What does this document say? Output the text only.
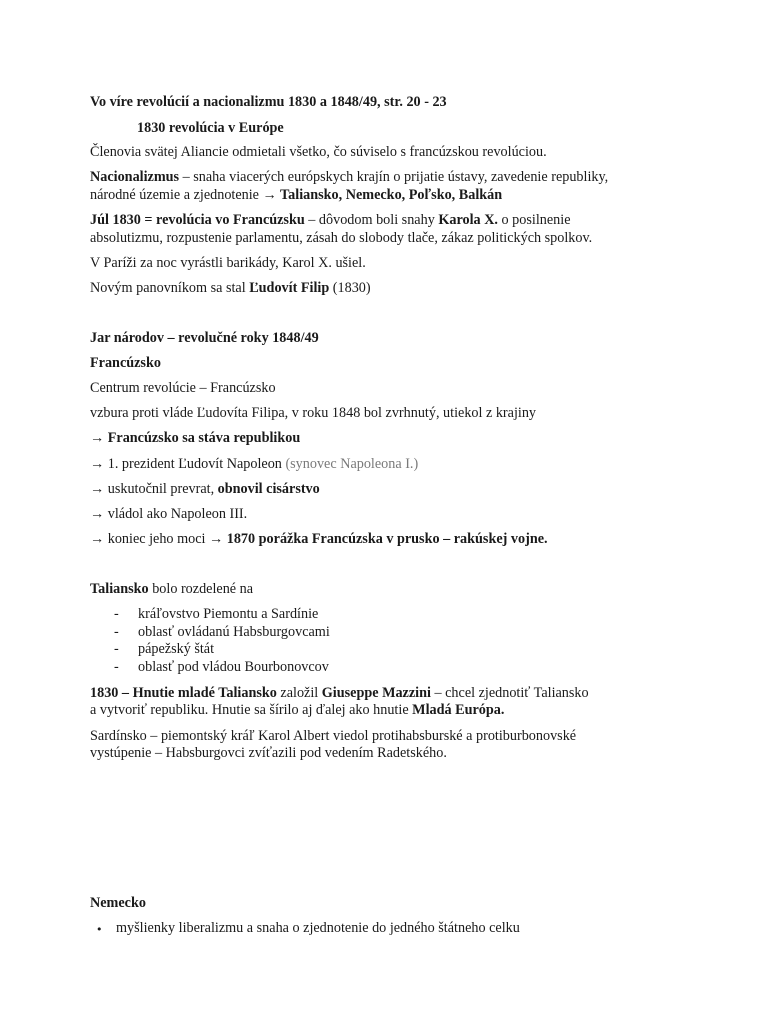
Vo víre revolúcií a nacionalizmu 1830 a 1848/49, str. 20 - 23
1830 revolúcia v Európe
Členovia svätej Aliancie odmietali všetko, čo súviselo s francúzskou revolúciou.
Nacionalizmus – snaha viacerých európskych krajín o prijatie ústavy, zavedenie republiky,
národné územie a zjednotenie → Taliansko, Nemecko, Poľsko, Balkán
Júl 1830 = revolúcia vo Francúzsku – dôvodom boli snahy Karola X. o posilnenie
absolutizmu, rozpustenie parlamentu, zásah do slobody tlače, zákaz politických spolkov.
V Paríži za noc vyrástli barikády, Karol X. ušiel.
Novým panovníkom sa stal Ľudovít Filip (1830)
Jar národov – revolučné roky 1848/49
Francúzsko
Centrum revolúcie – Francúzsko
vzbura proti vláde Ľudovíta Filipa, v roku 1848 bol zvrhnutý, utiekol z krajiny
→ Francúzsko sa stáva republikou
→ 1. prezident Ľudovít Napoleon (synovec Napoleona I.)
→ uskutočnil prevrat, obnovil cisárstvo
→ vládol ako Napoleon III.
→ koniec jeho moci → 1870 porážka Francúzska v prusko – rakúskej vojne.
Taliansko bolo rozdelené na
- kráľovstvo Piemontu a Sardínie
- oblasť ovládanú Habsburgovcami
- pápežský štát
- oblasť pod vládou Bourbonovcov
1830 – Hnutie mladé Taliansko založil Giuseppe Mazzini – chcel zjednotiť Taliansko
a vytvoriť republiku. Hnutie sa šírilo aj ďalej ako hnutie Mladá Európa.
Sardínsko – piemontský kráľ Karol Albert viedol protihabsburské a protiburbonovské
vystúpenie – Habsburgovci zvíťazili pod vedením Radetského.
Nemecko
• myšlienky liberalizmu a snaha o zjednotenie do jedného štátneho celku
